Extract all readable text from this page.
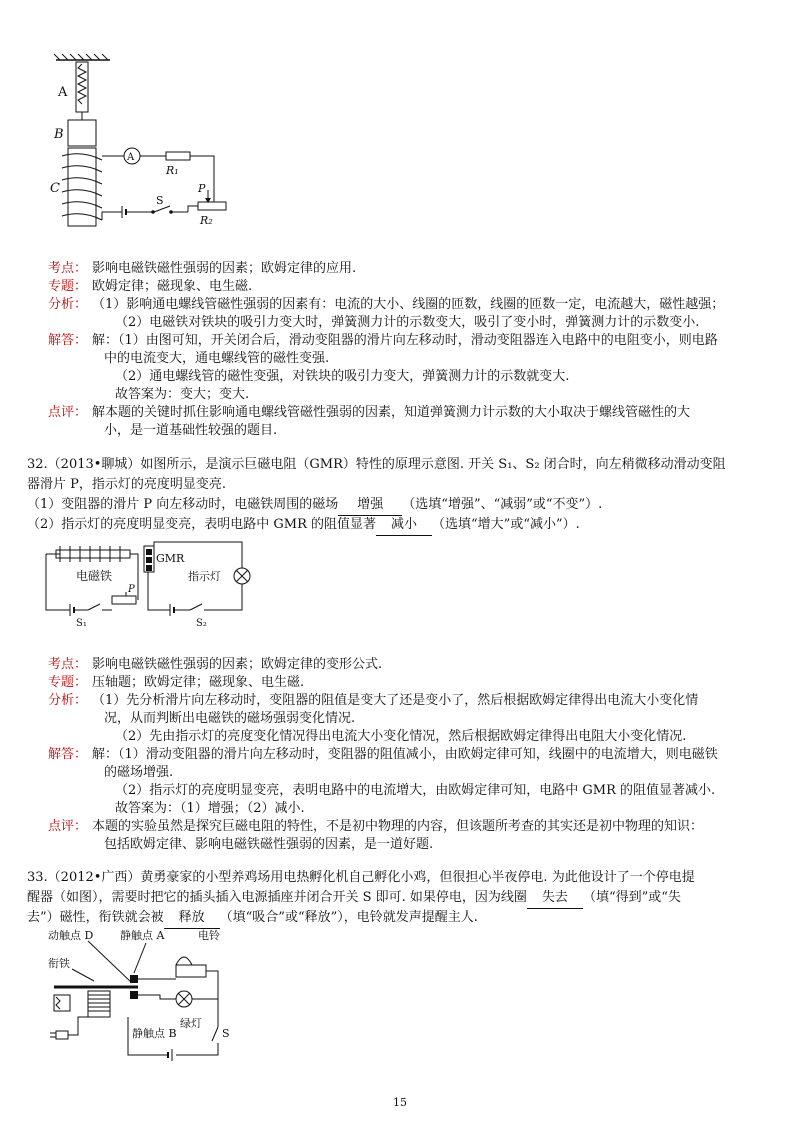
A
B
C
A
R₁
P
R₂
S
考点： 影响电磁铁磁性强弱的因素；欧姆定律的应用.
专题： 欧姆定律；磁现象、电生磁.
分析： （1）影响通电螺线管磁性强弱的因素有：电流的大小、线圈的匝数，线圈的匝数一定，电流越大，磁性越强；
（2）电磁铁对铁块的吸引力变大时，弹簧测力计的示数变大，吸引了变小时，弹簧测力计的示数变小.
解答： 解：（1）由图可知，开关闭合后，滑动变阻器的滑片向左移动时，滑动变阻器连入电路中的电阻变小，则电路
中的电流变大，通电螺线管的磁性变强.
（2）通电螺线管的磁性变强，对铁块的吸引力变大，弹簧测力计的示数就变大.
故答案为：变大；变大.
点评： 解本题的关键时抓住影响通电螺线管磁性强弱的因素，知道弹簧测力计示数的大小取决于螺线管磁性的大
小，是一道基础性较强的题目.
32.（2013•聊城）如图所示，是演示巨磁电阻（GMR）特性的原理示意图. 开关 S₁、S₂ 闭合时，向左稍微移动滑动变阻
器滑片 P，指示灯的亮度明显变亮.
（1）变阻器的滑片 P 向左移动时，电磁铁周围的磁场 增强 （选填“增强”、“减弱”或“不变”）.
（2）指示灯的亮度明显变亮，表明电路中 GMR 的阻值显著 减小 （选填“增大”或“减小”）.
电磁铁
P
S₁
GMR
指示灯
S₂
考点： 影响电磁铁磁性强弱的因素；欧姆定律的变形公式.
专题： 压轴题；欧姆定律；磁现象、电生磁.
分析： （1）先分析滑片向左移动时，变阻器的阻值是变大了还是变小了，然后根据欧姆定律得出电流大小变化情
况，从而判断出电磁铁的磁场强弱变化情况.
（2）先由指示灯的亮度变化情况得出电流大小变化情况，然后根据欧姆定律得出电阻大小变化情况.
解答： 解：（1）滑动变阻器的滑片向左移动时，变阻器的阻值减小，由欧姆定律可知，线圈中的电流增大，则电磁铁
的磁场增强.
（2）指示灯的亮度明显变亮，表明电路中的电流增大，由欧姆定律可知，电路中 GMR 的阻值显著减小.
故答案为：（1）增强；（2）减小.
点评： 本题的实验虽然是探究巨磁电阻的特性，不是初中物理的内容，但该题所考查的其实还是初中物理的知识：
包括欧姆定律、影响电磁铁磁性强弱的因素，是一道好题.
33.（2012•广西）黄勇豪家的小型养鸡场用电热孵化机自己孵化小鸡，但很担心半夜停电. 为此他设计了一个停电提
醒器（如图），需要时把它的插头插入电源插座并闭合开关 S 即可. 如果停电，因为线圈 失去 （填“得到”或“失
去”）磁性，衔铁就会被 释放 （填“吸合”或“释放”），电铃就发声提醒主人.
动触点 D 静触点 A	电铃
衔铁
绿灯
静触点 B	S
15
